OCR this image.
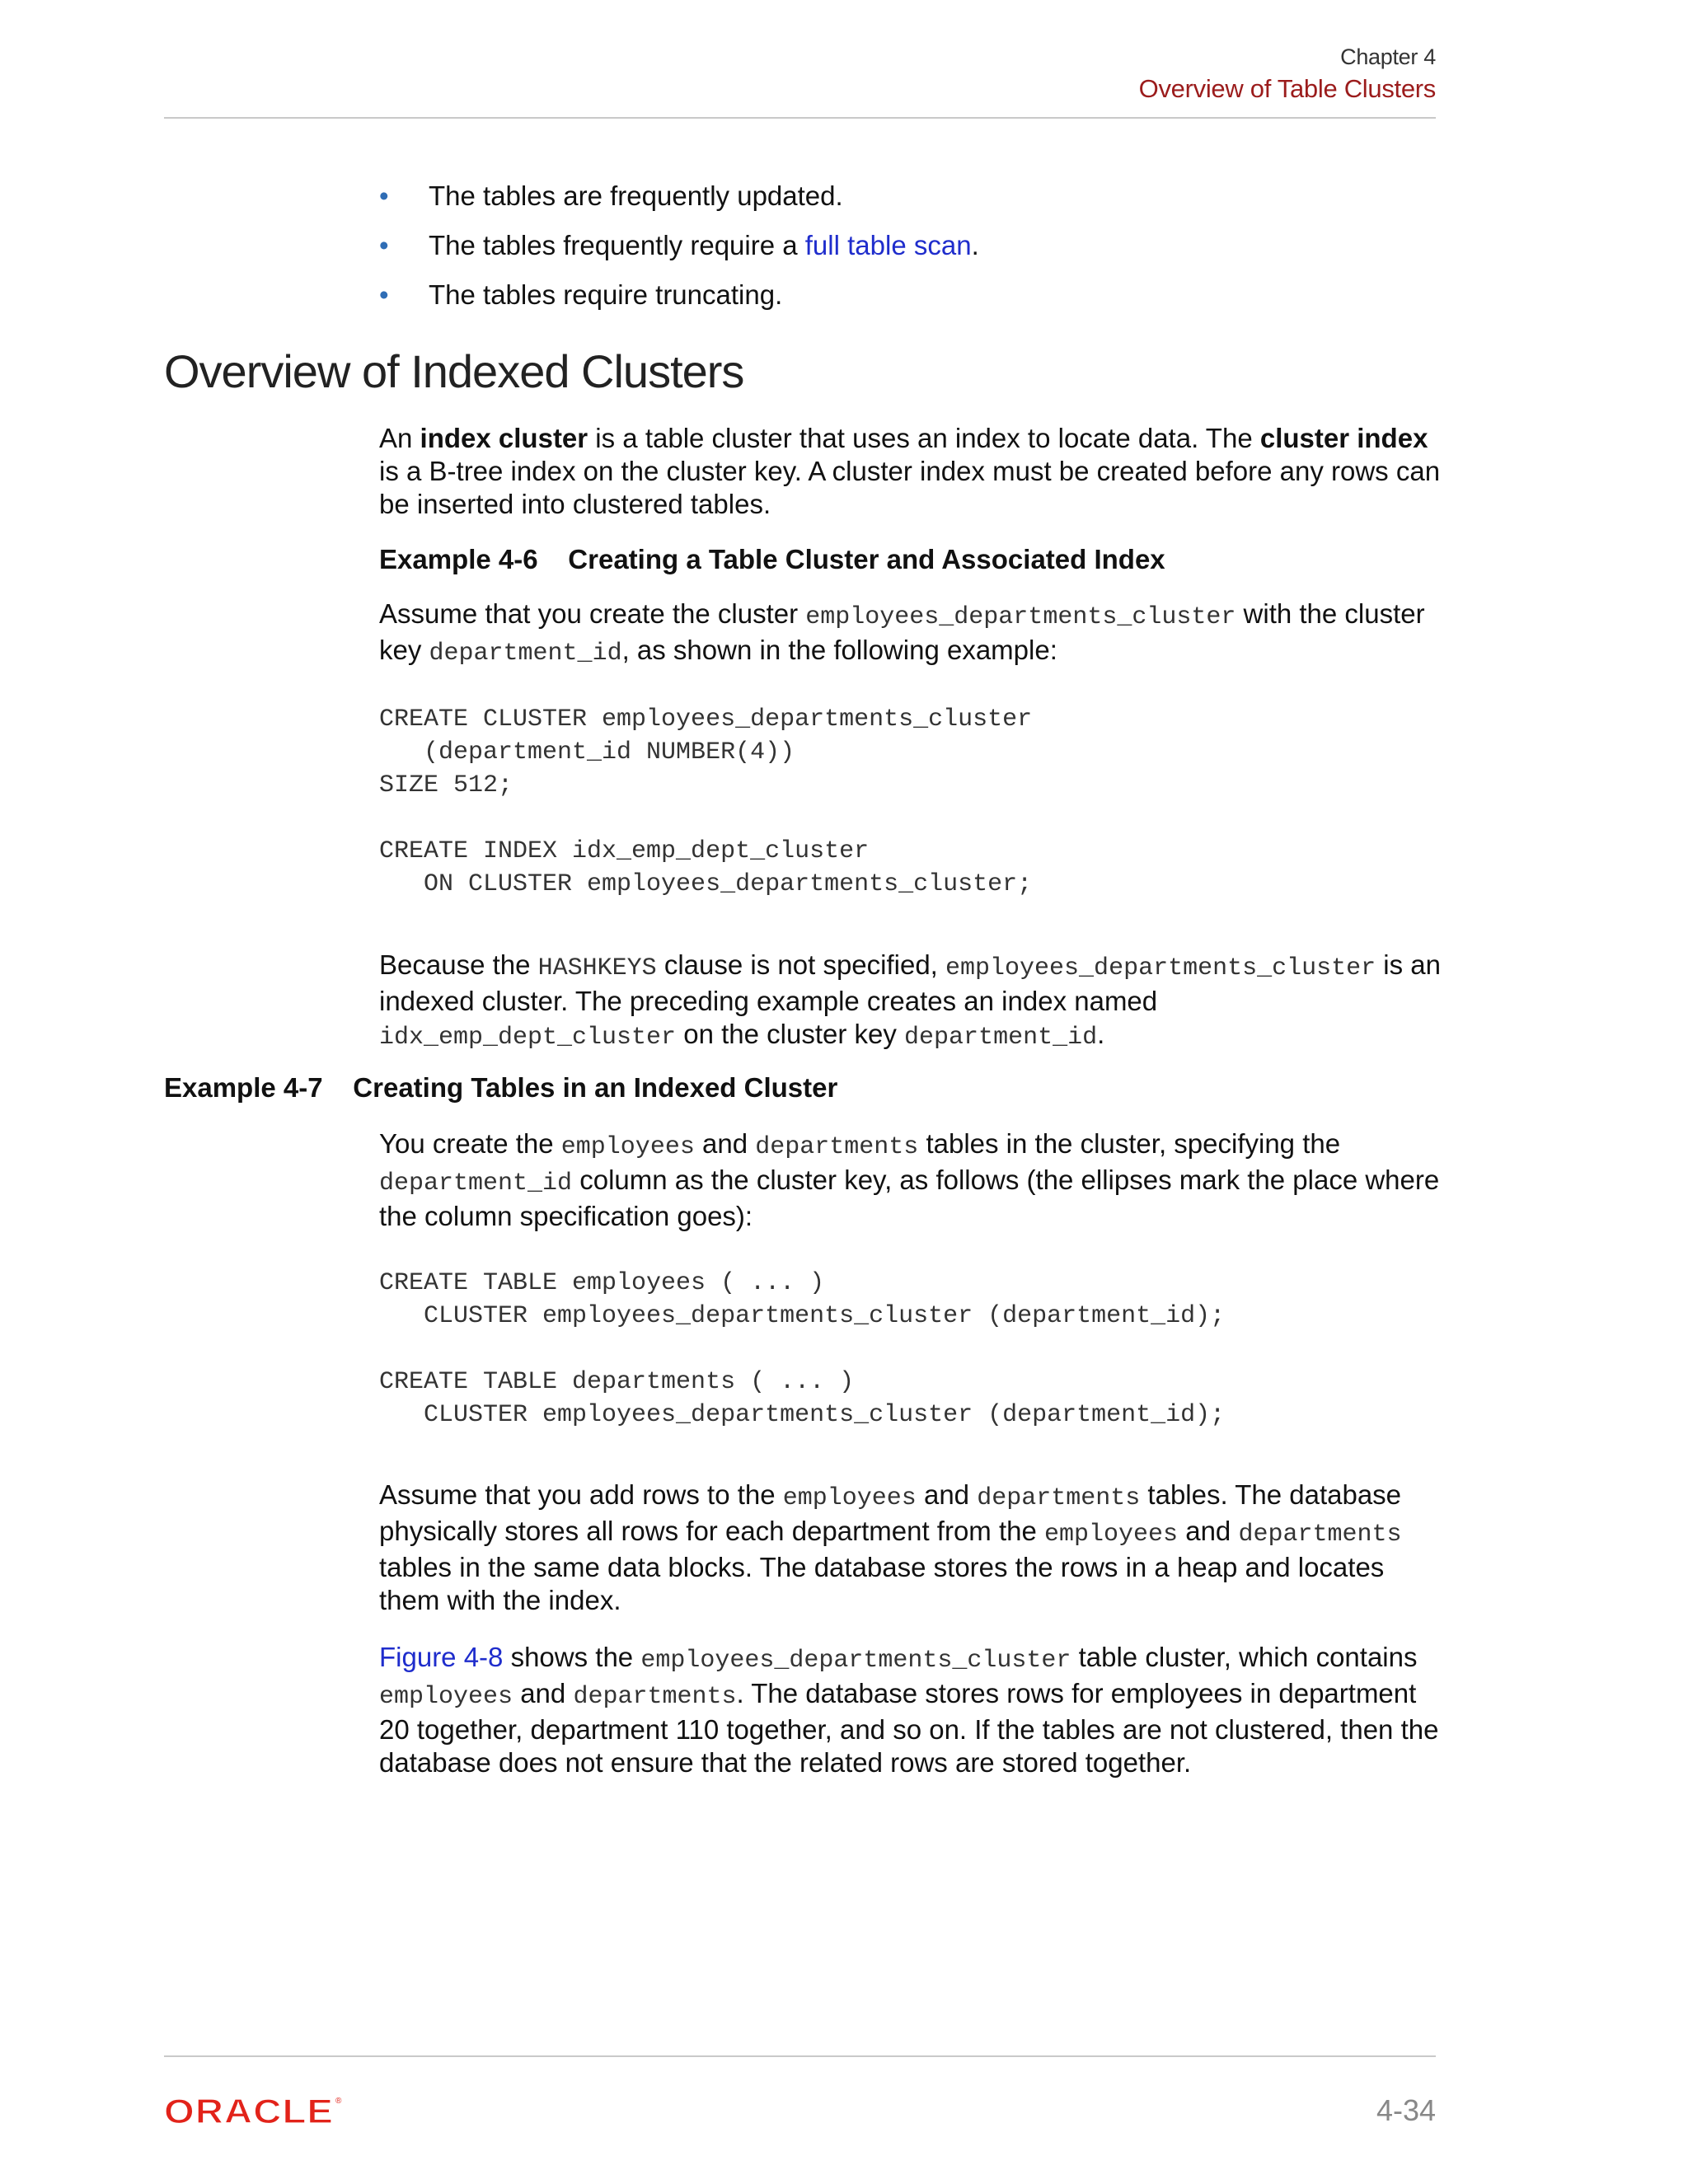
Chapter 4
Overview of Table Clusters
• The tables are frequently updated.
• The tables frequently require a full table scan.
• The tables require truncating.
Overview of Indexed Clusters

An index cluster is a table cluster that uses an index to locate data. The cluster index is a B-tree index on the cluster key. A cluster index must be created before any rows can be inserted into clustered tables.

Example 4-6 Creating a Table Cluster and Associated Index

Assume that you create the cluster employees_departments_cluster with the cluster key department_id, as shown in the following example:

CREATE CLUSTER employees_departments_cluster
(department_id NUMBER(4))
SIZE 512;

CREATE INDEX idx_emp_dept_cluster
ON CLUSTER employees_departments_cluster;

Because the HASHKEYS clause is not specified, employees_departments_cluster is an indexed cluster. The preceding example creates an index named idx_emp_dept_cluster on the cluster key department_id.

Example 4-7 Creating Tables in an Indexed Cluster

You create the employees and departments tables in the cluster, specifying the department_id column as the cluster key, as follows (the ellipses mark the place where the column specification goes):

CREATE TABLE employees ( ... )
CLUSTER employees_departments_cluster (department_id);

CREATE TABLE departments ( ... )
CLUSTER employees_departments_cluster (department_id);

Assume that you add rows to the employees and departments tables. The database physically stores all rows for each department from the employees and departments tables in the same data blocks. The database stores the rows in a heap and locates them with the index.

Figure 4-8 shows the employees_departments_cluster table cluster, which contains employees and departments. The database stores rows for employees in department 20 together, department 110 together, and so on. If the tables are not clustered, then the database does not ensure that the related rows are stored together.

ORACLE ®	4-34
